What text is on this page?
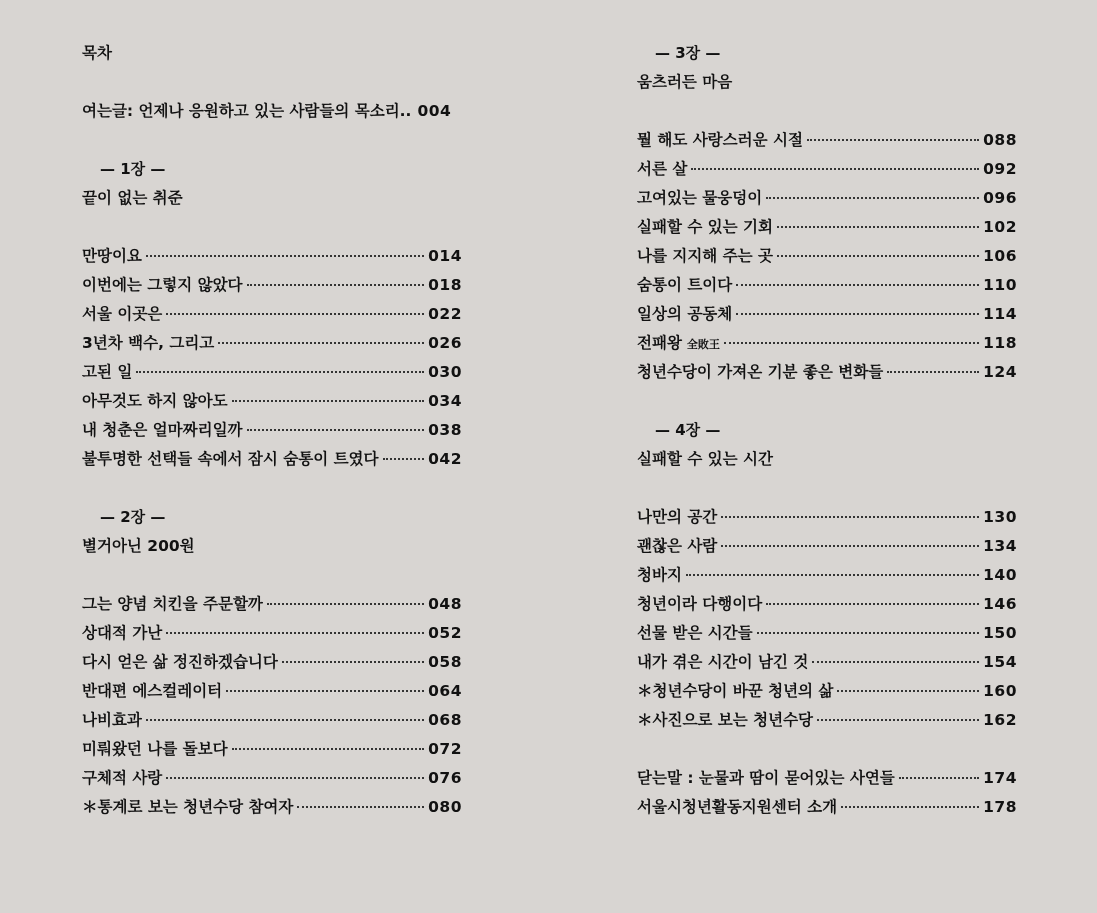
목차
여는글: 언제나 응원하고 있는 사람들의 목소리.. 004
— 1장 —
끝이 없는 취준
만땅이요	014
이번에는 그렇지 않았다	018
서울 이곳은	022
3년차 백수, 그리고	026
고된 일	030
아무것도 하지 않아도	034
내 청춘은 얼마짜리일까	038
불투명한 선택들 속에서 잠시 숨통이 트였다	042
— 2장 —
별거아닌 200원
그는 양념 치킨을 주문할까	048
상대적 가난	052
다시 얻은 삶 정진하겠습니다	058
반대편 에스컬레이터	064
나비효과	068
미뤄왔던 나를 돌보다	072
구체적 사랑	076
＊통계로 보는 청년수당 참여자	080
— 3장 —
움츠러든 마음
뭘 해도 사랑스러운 시절	088
서른 살	092
고여있는 물웅덩이	096
실패할 수 있는 기회	102
나를 지지해 주는 곳	106
숨통이 트이다	110
일상의 공동체	114
전패왕 全敗王	118
청년수당이 가져온 기분 좋은 변화들	124
— 4장 —
실패할 수 있는 시간
나만의 공간	130
괜찮은 사람	134
청바지	140
청년이라 다행이다	146
선물 받은 시간들	150
내가 겪은 시간이 남긴 것	154
＊청년수당이 바꾼 청년의 삶	160
＊사진으로 보는 청년수당	162
닫는말 : 눈물과 땀이 묻어있는 사연들	174
서울시청년활동지원센터 소개	178
